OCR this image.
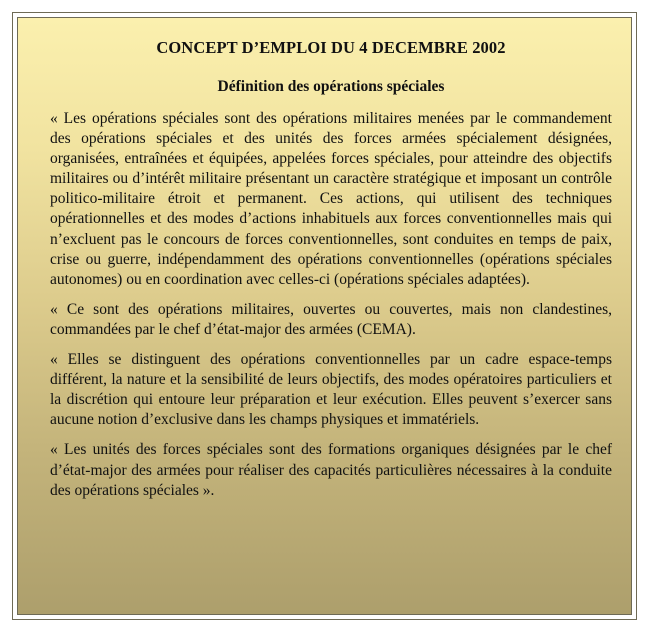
CONCEPT D’EMPLOI DU 4 DECEMBRE 2002
Définition des opérations spéciales

« Les opérations spéciales sont des opérations militaires menées par le commandement des opérations spéciales et des unités des forces armées spécialement désignées, organisées, entraînées et équipées, appelées forces spéciales, pour atteindre des objectifs militaires ou d’intérêt militaire présentant un caractère stratégique et imposant un contrôle politico-militaire étroit et permanent. Ces actions, qui utilisent des techniques opérationnelles et des modes d’actions inhabituels aux forces conventionnelles mais qui n’excluent pas le concours de forces conventionnelles, sont conduites en temps de paix, crise ou guerre, indépendamment des opérations conventionnelles (opérations spéciales autonomes) ou en coordination avec celles-ci (opérations spéciales adaptées).

« Ce sont des opérations militaires, ouvertes ou couvertes, mais non clandestines, commandées par le chef d’état-major des armées (CEMA).

« Elles se distinguent des opérations conventionnelles par un cadre espace-temps différent, la nature et la sensibilité de leurs objectifs, des modes opératoires particuliers et la discrétion qui entoure leur préparation et leur exécution. Elles peuvent s’exercer sans aucune notion d’exclusive dans les champs physiques et immatériels.

« Les unités des forces spéciales sont des formations organiques désignées par le chef d’état-major des armées pour réaliser des capacités particulières nécessaires à la conduite des opérations spéciales ».
